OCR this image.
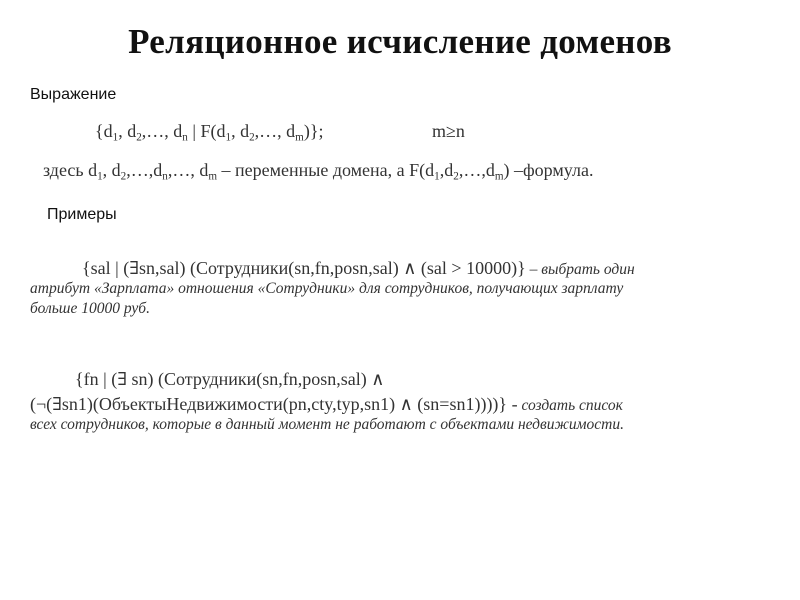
Реляционное исчисление доменов
Выражение
{$d_1$, $d_2,\dots$, $d_n$ | $F(d_1$, $d_2,\dots$, $d_m$)};	m≥n
здесь $d_1$, $d_2,\dots,d_n,\dots$, $d_m$ – переменные домена, а $F(d_1,d_2,\dots,d_m)$ –формула.
Примеры
{sal | (∃sn,sal) (Сотрудники(sn,fn,posn,sal) ∧ (sal > 10000)} – выбрать один
атрибут «Зарплата» отношения «Сотрудники» для сотрудников, получающих зарплату
больше 10000 руб.
{fn | (∃ sn) (Сотрудники(sn,fn,posn,sal) ∧
(¬(∃sn1)(ОбъектыНедвижимости(pn,cty,typ,sn1) ∧ (sn=sn1))))} - создать список
всех сотрудников, которые в данный момент не работают с объектами недвижимости.
